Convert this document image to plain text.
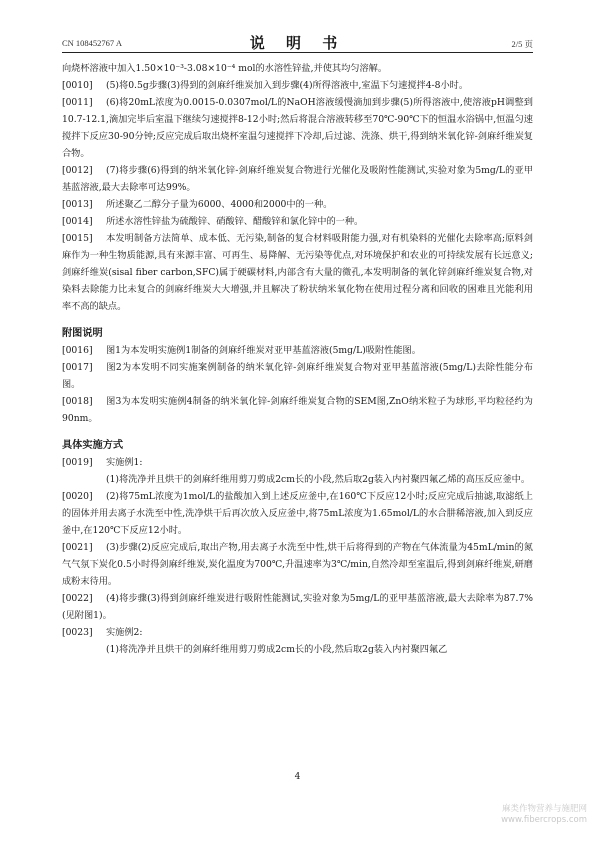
CN 108452767 A	说 明 书	2/5 页

向烧杯溶液中加入1.50×10⁻³-3.08×10⁻⁴ mol的水溶性锌盐,并使其均匀溶解。

[0010] (5)将0.5g步骤(3)得到的剑麻纤维炭加入到步骤(4)所得溶液中,室温下匀速搅拌4-8小时。

[0011] (6)将20mL浓度为0.0015-0.0307mol/L的NaOH溶液缓慢滴加到步骤(5)所得溶液中,使溶液pH调整到10.7-12.1,滴加完毕后室温下继续匀速搅拌8-12小时;然后将混合溶液转移至70℃-90℃下的恒温水浴锅中,恒温匀速搅拌下反应30-90分钟;反应完成后取出烧杯室温匀速搅拌下冷却,后过滤、洗涤、烘干,得到纳米氧化锌-剑麻纤维炭复合物。

[0012] (7)将步骤(6)得到的纳米氧化锌-剑麻纤维炭复合物进行光催化及吸附性能测试,实验对象为5mg/L的亚甲基蓝溶液,最大去除率可达99%。

[0013] 所述聚乙二醇分子量为6000、4000和2000中的一种。

[0014] 所述水溶性锌盐为硫酸锌、硝酸锌、醋酸锌和氯化锌中的一种。

[0015] 本发明制备方法简单、成本低、无污染,制备的复合材料吸附能力强,对有机染料的光催化去除率高;原料剑麻作为一种生物质能源,具有来源丰富、可再生、易降解、无污染等优点,对环境保护和农业的可持续发展有长远意义;剑麻纤维炭(sisal fiber carbon,SFC)属于硬碳材料,内部含有大量的微孔,本发明制备的氧化锌剑麻纤维炭复合物,对染料去除能力比未复合的剑麻纤维炭大大增强,并且解决了粉状纳米氧化物在使用过程分离和回收的困难且光能利用率不高的缺点。

附图说明

[0016] 图1为本发明实施例1制备的剑麻纤维炭对亚甲基蓝溶液(5mg/L)吸附性能图。

[0017] 图2为本发明不同实施案例制备的纳米氧化锌-剑麻纤维炭复合物对亚甲基蓝溶液(5mg/L)去除性能分布图。

[0018] 图3为本发明实施例4制备的纳米氧化锌-剑麻纤维炭复合物的SEM图,ZnO纳米粒子为球形,平均粒径约为90nm。

具体实施方式

[0019] 实施例1:

(1)将洗净并且烘干的剑麻纤维用剪刀剪成2cm长的小段,然后取2g装入内衬聚四氟乙烯的高压反应釜中。

[0020] (2)将75mL浓度为1mol/L的盐酸加入到上述反应釜中,在160℃下反应12小时;反应完成后抽滤,取滤纸上的固体并用去离子水洗至中性,洗净烘干后再次放入反应釜中,将75mL浓度为1.65mol/L的水合肼稀溶液,加入到反应釜中,在120℃下反应12小时。

[0021] (3)步骤(2)反应完成后,取出产物,用去离子水洗至中性,烘干后将得到的产物在气体流量为45mL/min的氮气气氛下炭化0.5小时得剑麻纤维炭,炭化温度为700℃,升温速率为3℃/min,自然冷却至室温后,得到剑麻纤维炭,研磨成粉末待用。

[0022] (4)将步骤(3)得到剑麻纤维炭进行吸附性能测试,实验对象为5mg/L的亚甲基蓝溶液,最大去除率为87.7%(见附图1)。

[0023] 实施例2:

(1)将洗净并且烘干的剑麻纤维用剪刀剪成2cm长的小段,然后取2g装入内衬聚四氟乙

4
麻类作物营养与施肥网
www.fibercrops.com
